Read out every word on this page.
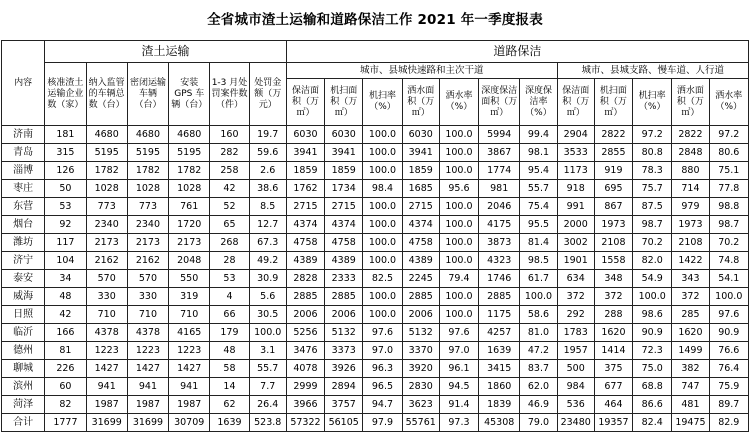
全省城市渣土运输和道路保洁工作 2021 年一季度报表
内容	渣土运输						道路保洁											
	核准渣土运输企业数（家）	纳入监管的车辆总数（台）	密闭运输车辆（台）	安装 GPS 车辆（台）	1-3 月处罚案件数（件）	处罚金额（万元）	城市、县城快速路和主次干道							城市、县城支路、慢车道、人行道				
							保洁面积（万㎡）	机扫面积（万㎡）	机扫率（%）	洒水面积（万㎡）	洒水率（%）	深度保洁面积（万㎡）	深度保洁率（%）	保洁面积（万㎡）	机扫面积（万㎡）	机扫率（%）	洒水面积（万㎡）	洒水率（%）
济南	181	4680	4680	4680	160	19.7	6030	6030	100.0	6030	100.0	5994	99.4	2904	2822	97.2	2822	97.2
青岛	315	5195	5195	5195	282	59.6	3941	3941	100.0	3941	100.0	3867	98.1	3533	2855	80.8	2848	80.6
淄博	126	1782	1782	1782	258	2.6	1859	1859	100.0	1859	100.0	1774	95.4	1173	919	78.3	880	75.1
枣庄	50	1028	1028	1028	42	38.6	1762	1734	98.4	1685	95.6	981	55.7	918	695	75.7	714	77.8
东营	53	773	773	761	52	8.5	2715	2715	100.0	2715	100.0	2046	75.4	991	867	87.5	979	98.8
烟台	92	2340	2340	1720	65	12.7	4374	4374	100.0	4374	100.0	4175	95.5	2000	1973	98.7	1973	98.7
潍坊	117	2173	2173	2173	268	67.3	4758	4758	100.0	4758	100.0	3873	81.4	3002	2108	70.2	2108	70.2
济宁	104	2162	2162	2048	28	49.2	4389	4389	100.0	4389	100.0	4323	98.5	1901	1558	82.0	1422	74.8
泰安	34	570	570	550	53	30.9	2828	2333	82.5	2245	79.4	1746	61.7	634	348	54.9	343	54.1
威海	48	330	330	319	4	5.6	2885	2885	100.0	2885	100.0	2885	100.0	372	372	100.0	372	100.0
日照	42	710	710	710	66	30.5	2006	2006	100.0	2006	100.0	1175	58.6	292	288	98.6	285	97.6
临沂	166	4378	4378	4165	179	100.0	5256	5132	97.6	5132	97.6	4257	81.0	1783	1620	90.9	1620	90.9
德州	81	1223	1223	1223	48	3.1	3476	3373	97.0	3370	97.0	1639	47.2	1957	1414	72.3	1499	76.6
聊城	226	1427	1427	1427	58	55.7	4078	3926	96.3	3920	96.1	3415	83.7	500	375	75.0	382	76.4
滨州	60	941	941	941	14	7.7	2999	2894	96.5	2830	94.5	1860	62.0	984	677	68.8	747	75.9
菏泽	82	1987	1987	1987	62	26.4	3966	3757	94.7	3623	91.4	1839	46.9	536	464	86.6	481	89.7
合计	1777	31699	31699	30709	1639	523.8	57322	56105	97.9	55761	97.3	45308	79.0	23480	19357	82.4	19475	82.9
